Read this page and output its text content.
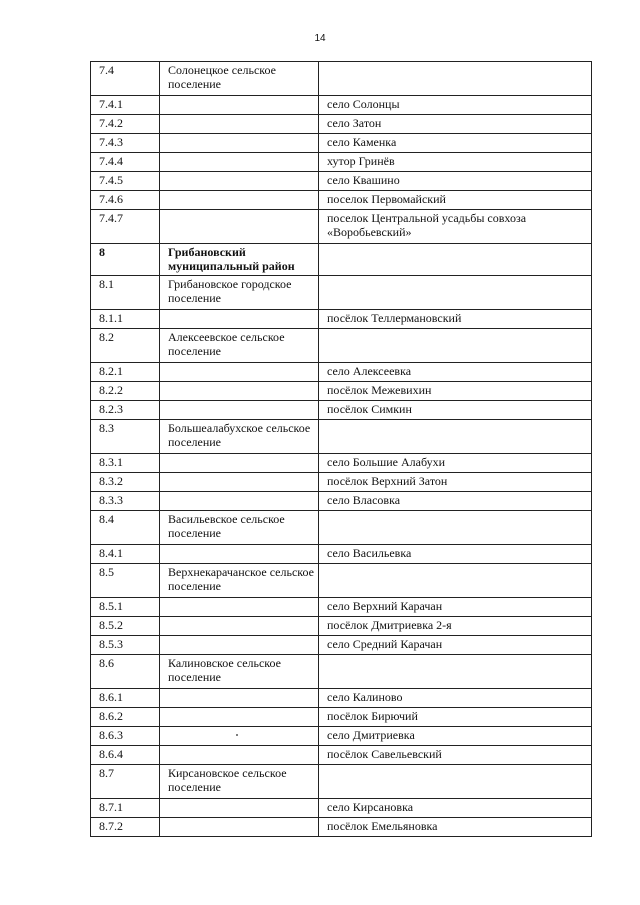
14
7.4	Солонецкое сельское поселение	
7.4.1		село Солонцы
7.4.2		село Затон
7.4.3		село Каменка
7.4.4		хутор Гринёв
7.4.5		село Квашино
7.4.6		поселок Первомайский
7.4.7		поселок Центральной усадьбы совхоза «Воробьевский»
8	Грибановский муниципальный район	
8.1	Грибановское городское поселение	
8.1.1		посёлок Теллермановский
8.2	Алексеевское сельское поселение	
8.2.1		село Алексеевка
8.2.2		посёлок Межевихин
8.2.3		посёлок Симкин
8.3	Большеалабухское сельское поселение	
8.3.1		село Большие Алабухи
8.3.2		посёлок Верхний Затон
8.3.3		село Власовка
8.4	Васильевское сельское поселение	
8.4.1		село Васильевка
8.5	Верхнекарачанское сельское поселение	
8.5.1		село Верхний Карачан
8.5.2		посёлок Дмитриевка 2-я
8.5.3		село Средний Карачан
8.6	Калиновское сельское поселение	
8.6.1		село Калиново
8.6.2		посёлок Бирючий
8.6.3		село Дмитриевка
8.6.4		посёлок Савельевский
8.7	Кирсановское сельское поселение	
8.7.1		село Кирсановка
8.7.2		посёлок Емельяновка
